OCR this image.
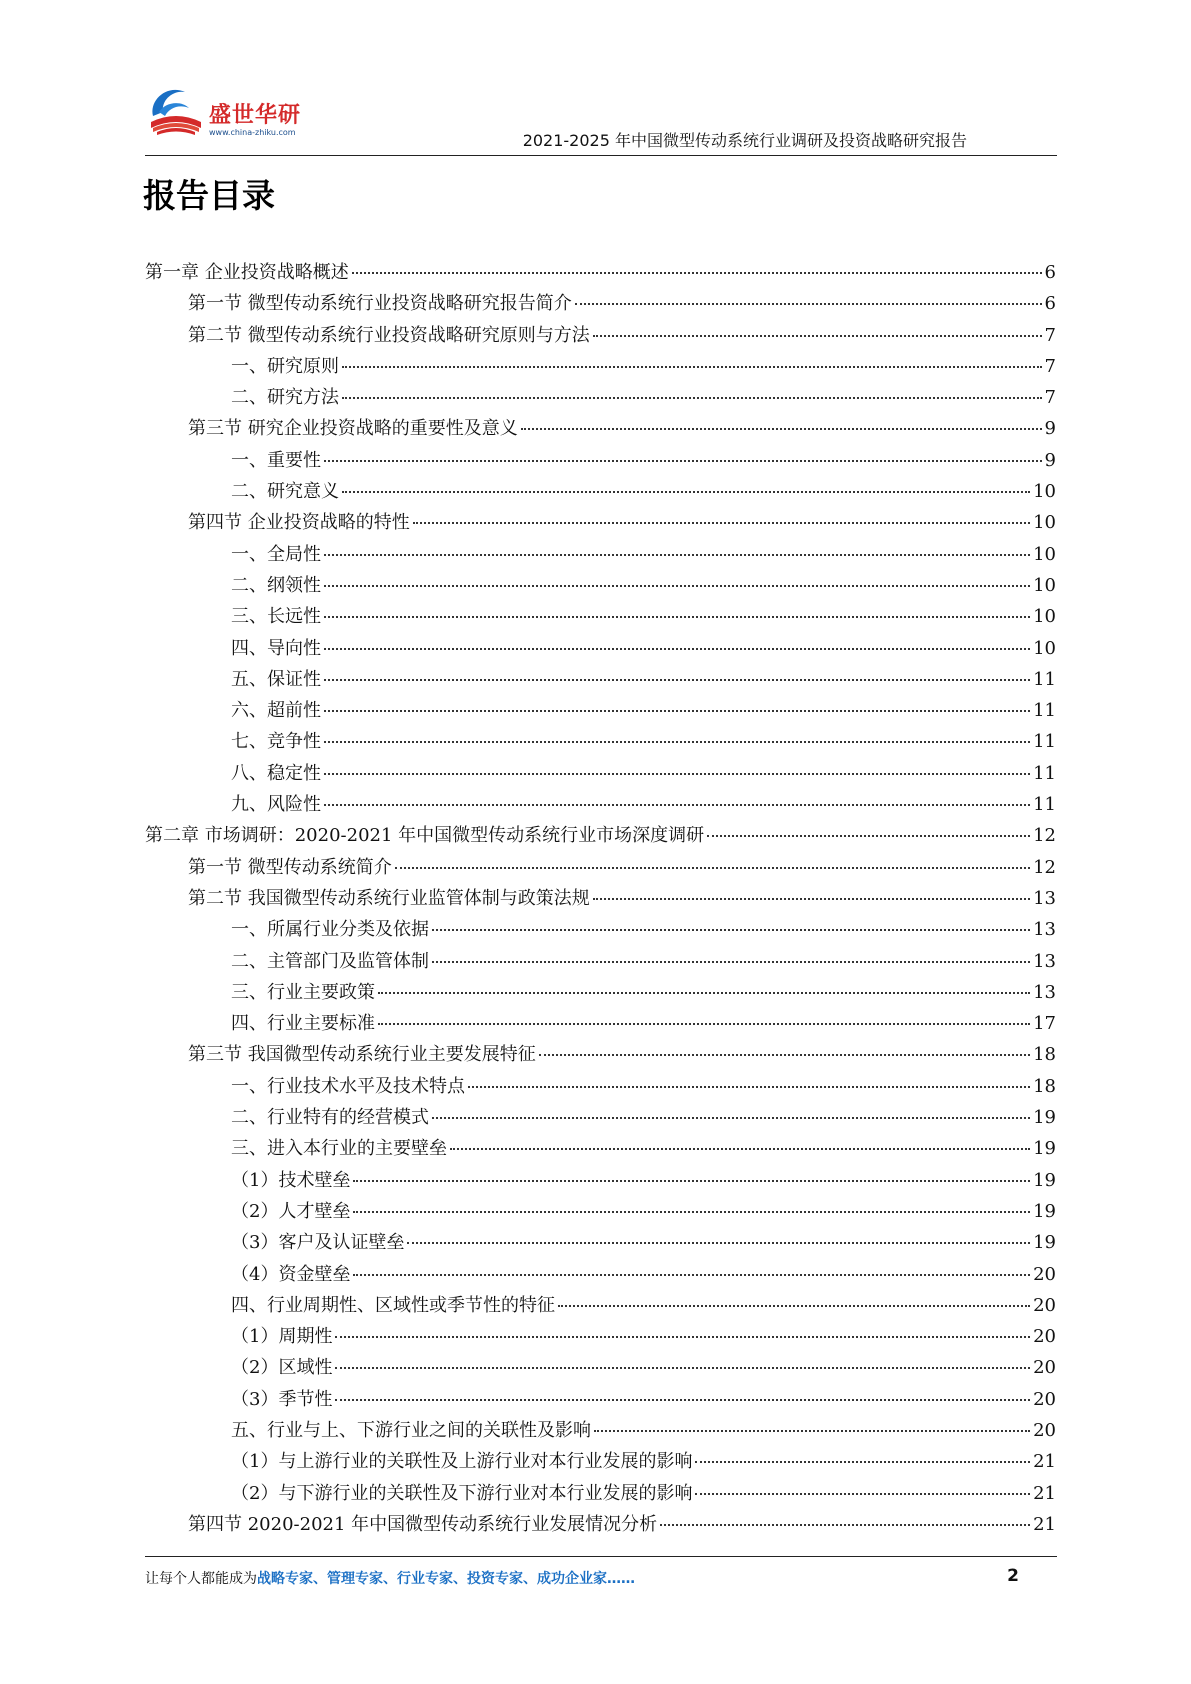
盛世华研
www.china-zhiku.com	2021-2025 年中国微型传动系统行业调研及投资战略研究报告
报告目录
第一章 企业投资战略概述	6
第一节 微型传动系统行业投资战略研究报告简介	6
第二节 微型传动系统行业投资战略研究原则与方法	7
一、研究原则	7
二、研究方法	7
第三节 研究企业投资战略的重要性及意义	9
一、重要性	9
二、研究意义	10
第四节 企业投资战略的特性	10
一、全局性	10
二、纲领性	10
三、长远性	10
四、导向性	10
五、保证性	11
六、超前性	11
七、竞争性	11
八、稳定性	11
九、风险性	11
第二章 市场调研：2020-2021 年中国微型传动系统行业市场深度调研	12
第一节 微型传动系统简介	12
第二节 我国微型传动系统行业监管体制与政策法规	13
一、所属行业分类及依据	13
二、主管部门及监管体制	13
三、行业主要政策	13
四、行业主要标准	17
第三节 我国微型传动系统行业主要发展特征	18
一、行业技术水平及技术特点	18
二、行业特有的经营模式	19
三、进入本行业的主要壁垒	19
（1）技术壁垒	19
（2）人才壁垒	19
（3）客户及认证壁垒	19
（4）资金壁垒	20
四、行业周期性、区域性或季节性的特征	20
（1）周期性	20
（2）区域性	20
（3）季节性	20
五、行业与上、下游行业之间的关联性及影响	20
（1）与上游行业的关联性及上游行业对本行业发展的影响	21
（2）与下游行业的关联性及下游行业对本行业发展的影响	21
第四节 2020-2021 年中国微型传动系统行业发展情况分析	21
让每个人都能成为战略专家、管理专家、行业专家、投资专家、成功企业家……	2
